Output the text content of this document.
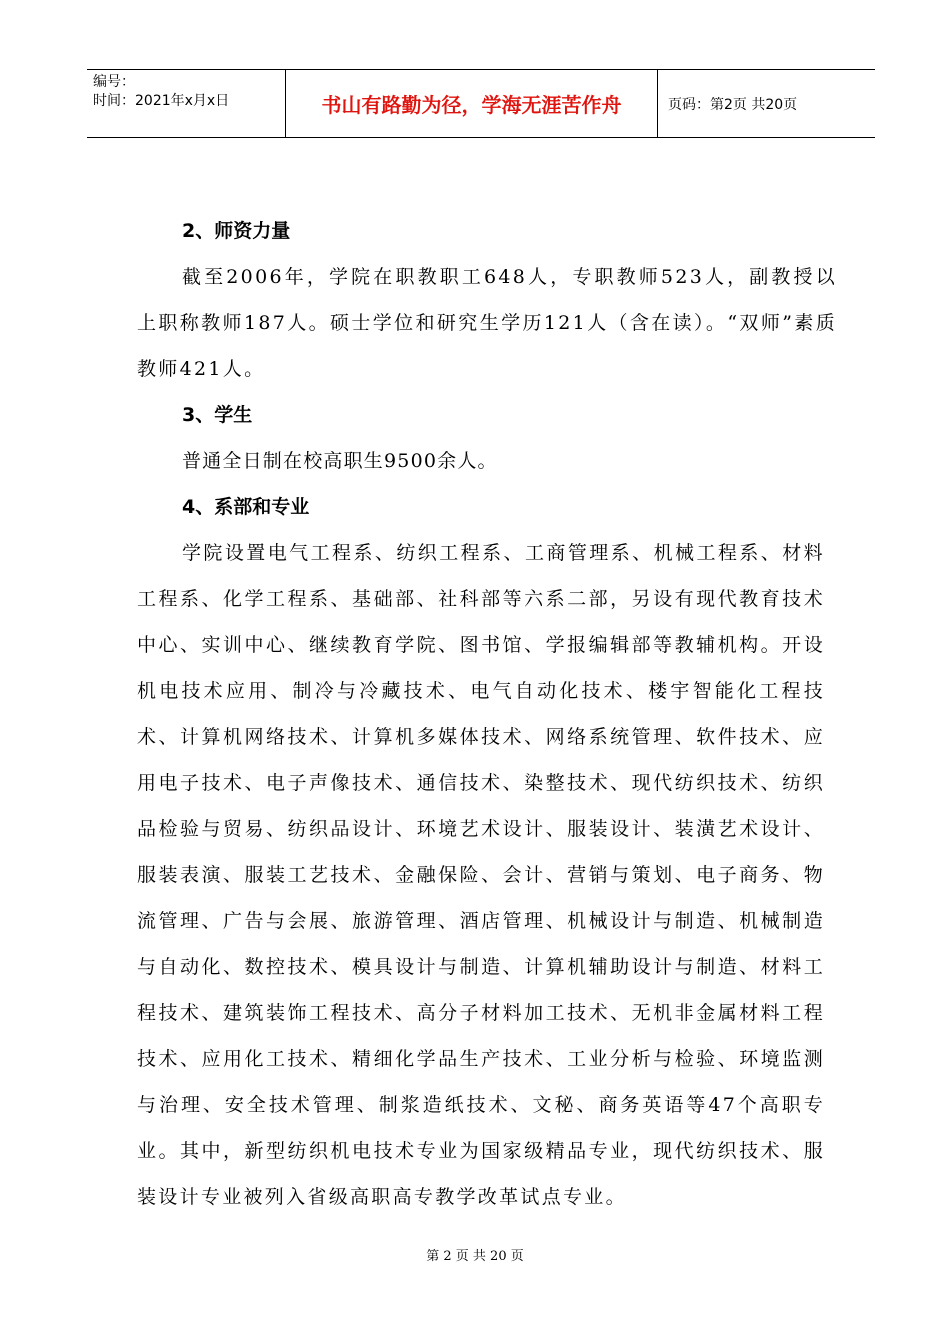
编号：
时间：2021年x月x日	书山有路勤为径，学海无涯苦作舟	页码：第2页 共20页
2、师资力量

截至2006年，学院在职教职工648人，专职教师523人，副教授以上职称教师187人。硕士学位和研究生学历121人（含在读）。“双师”素质教师421人。

3、学生

普通全日制在校高职生9500余人。

4、系部和专业

学院设置电气工程系、纺织工程系、工商管理系、机械工程系、材料工程系、化学工程系、基础部、社科部等六系二部，另设有现代教育技术中心、实训中心、继续教育学院、图书馆、学报编辑部等教辅机构。开设机电技术应用、制冷与冷藏技术、电气自动化技术、楼宇智能化工程技术、计算机网络技术、计算机多媒体技术、网络系统管理、软件技术、应用电子技术、电子声像技术、通信技术、染整技术、现代纺织技术、纺织品检验与贸易、纺织品设计、环境艺术设计、服装设计、装潢艺术设计、服装表演、服装工艺技术、金融保险、会计、营销与策划、电子商务、物流管理、广告与会展、旅游管理、酒店管理、机械设计与制造、机械制造与自动化、数控技术、模具设计与制造、计算机辅助设计与制造、材料工程技术、建筑装饰工程技术、高分子材料加工技术、无机非金属材料工程技术、应用化工技术、精细化学品生产技术、工业分析与检验、环境监测与治理、安全技术管理、制浆造纸技术、文秘、商务英语等47个高职专业。其中，新型纺织机电技术专业为国家级精品专业，现代纺织技术、服装设计专业被列入省级高职高专教学改革试点专业。

第 2 页 共 20 页
